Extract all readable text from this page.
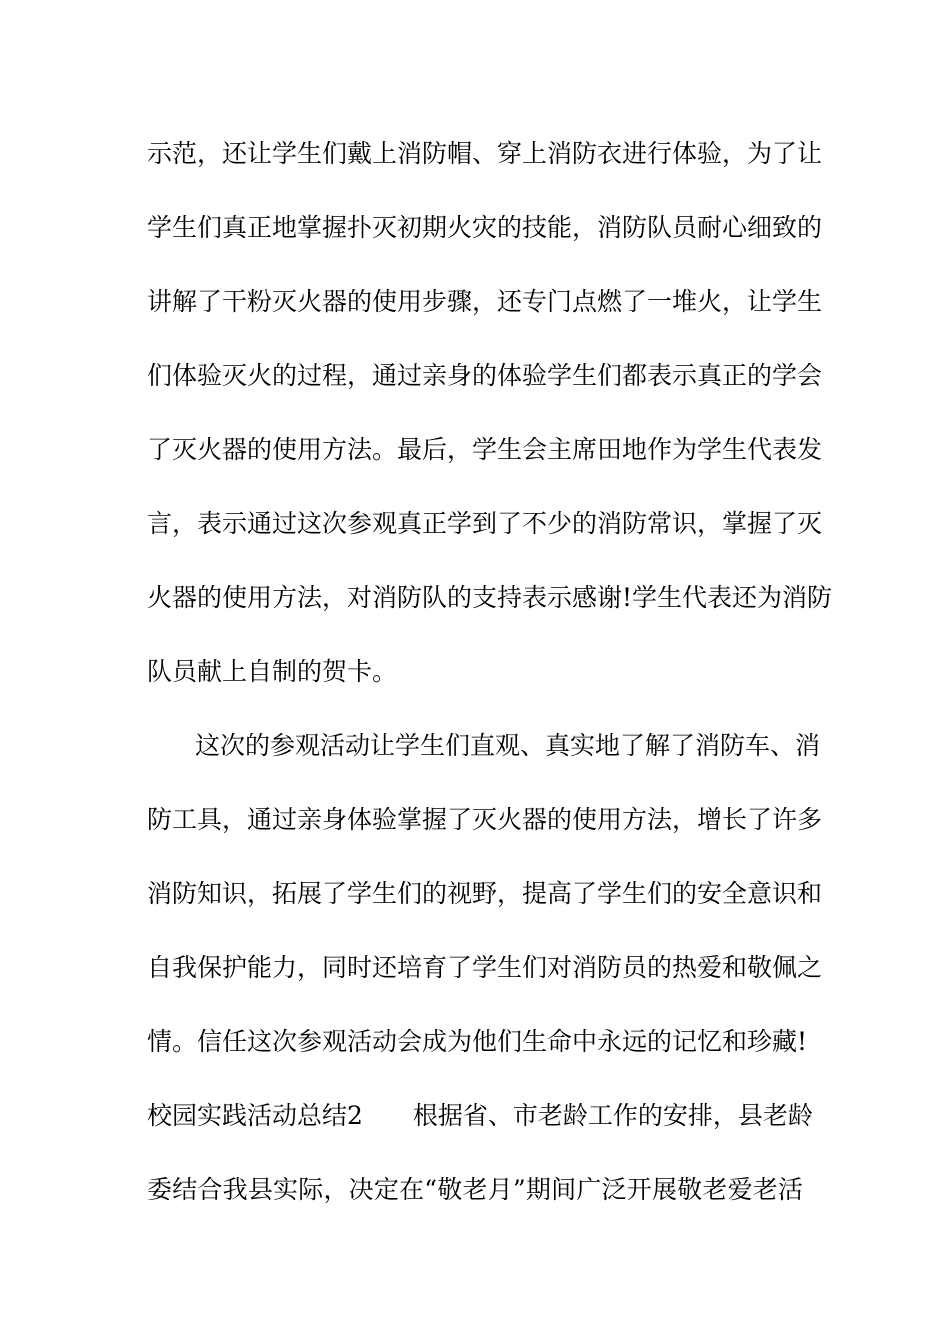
示范，还让学生们戴上消防帽、穿上消防衣进行体验，为了让
学生们真正地掌握扑灭初期火灾的技能，消防队员耐心细致的
讲解了干粉灭火器的使用步骤，还专门点燃了一堆火，让学生
们体验灭火的过程，通过亲身的体验学生们都表示真正的学会
了灭火器的使用方法。最后，学生会主席田地作为学生代表发
言，表示通过这次参观真正学到了不少的消防常识，掌握了灭
火器的使用方法，对消防队的支持表示感谢!学生代表还为消防
队员献上自制的贺卡。
这次的参观活动让学生们直观、真实地了解了消防车、消
防工具，通过亲身体验掌握了灭火器的使用方法，增长了许多
消防知识，拓展了学生们的视野，提高了学生们的安全意识和
自我保护能力，同时还培育了学生们对消防员的热爱和敬佩之
情。信任这次参观活动会成为他们生命中永远的记忆和珍藏!
校园实践活动总结2　　根据省、市老龄工作的安排，县老龄
委结合我县实际，决定在“敬老月”期间广泛开展敬老爱老活
